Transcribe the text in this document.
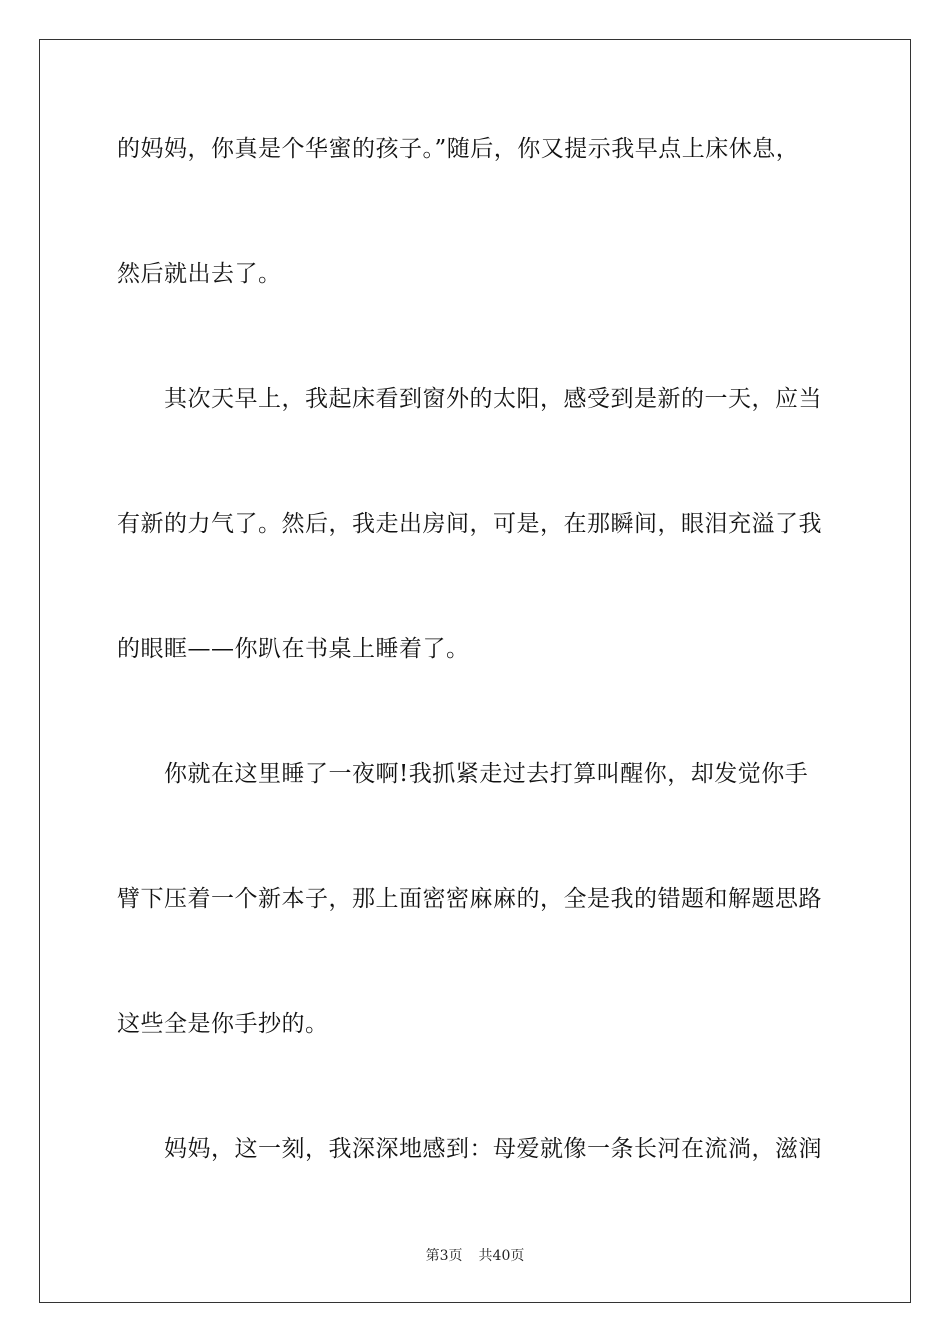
的妈妈，你真是个华蜜的孩子。”随后，你又提示我早点上床休息，
然后就出去了。
其次天早上，我起床看到窗外的太阳，感受到是新的一天，应当
有新的力气了。然后，我走出房间，可是，在那瞬间，眼泪充溢了我
的眼眶——你趴在书桌上睡着了。
你就在这里睡了一夜啊!我抓紧走过去打算叫醒你，却发觉你手
臂下压着一个新本子，那上面密密麻麻的，全是我的错题和解题思路
这些全是你手抄的。
妈妈，这一刻，我深深地感到：母爱就像一条长河在流淌，滋润
第3页 共40页
